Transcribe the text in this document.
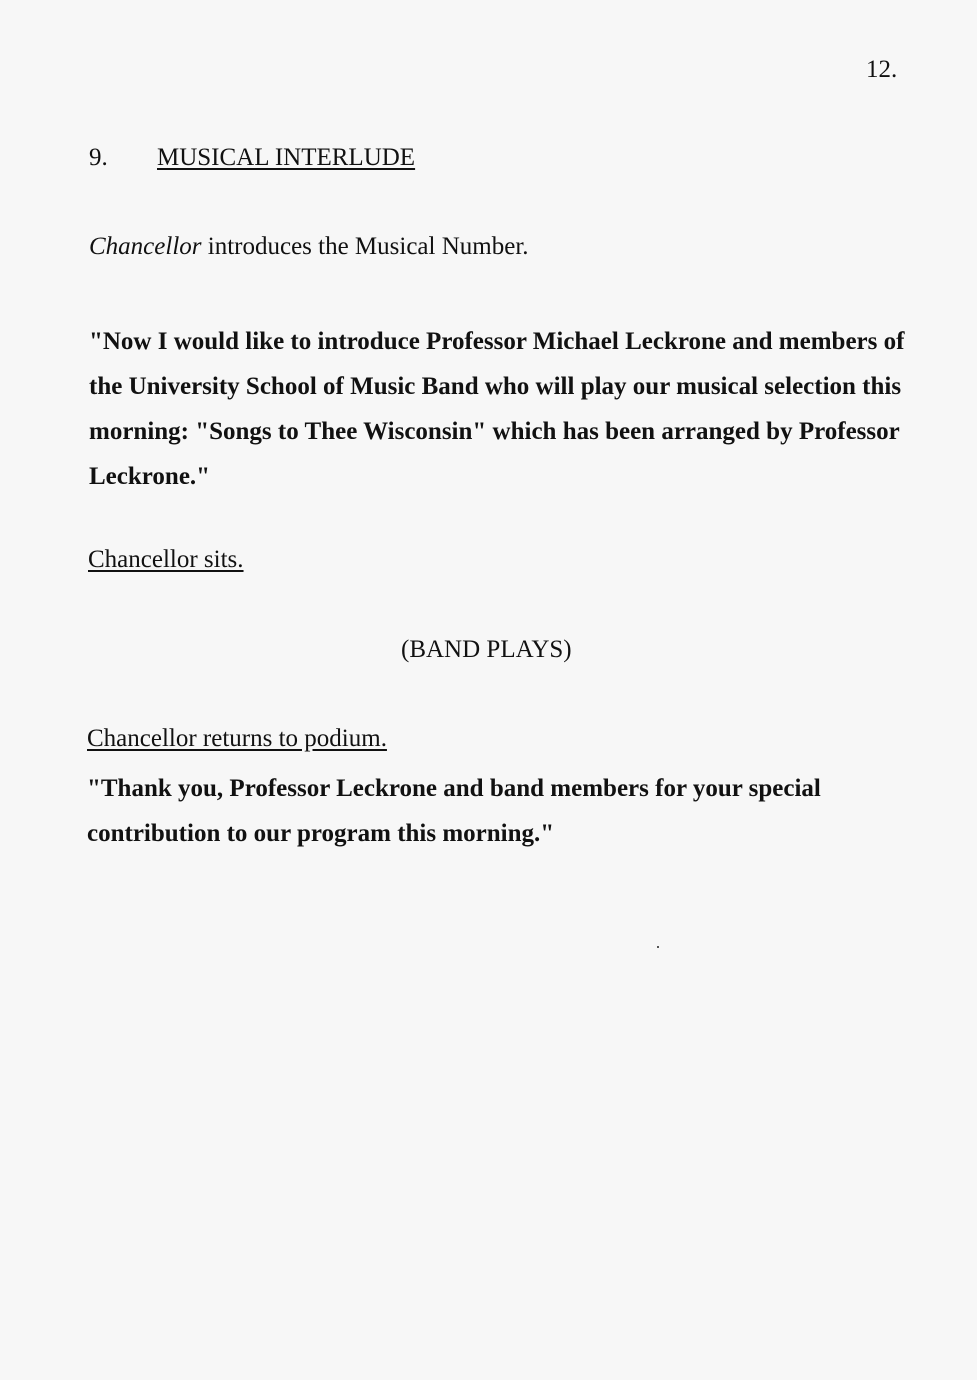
12.
9. MUSICAL INTERLUDE
Chancellor introduces the Musical Number.

"Now I would like to introduce Professor Michael Leckrone and members of the University School of Music Band who will play our musical selection this morning: "Songs to Thee Wisconsin" which has been arranged by Professor Leckrone."

Chancellor sits.
(BAND PLAYS)
Chancellor returns to podium.

"Thank you, Professor Leckrone and band members for your special contribution to our program this morning."
